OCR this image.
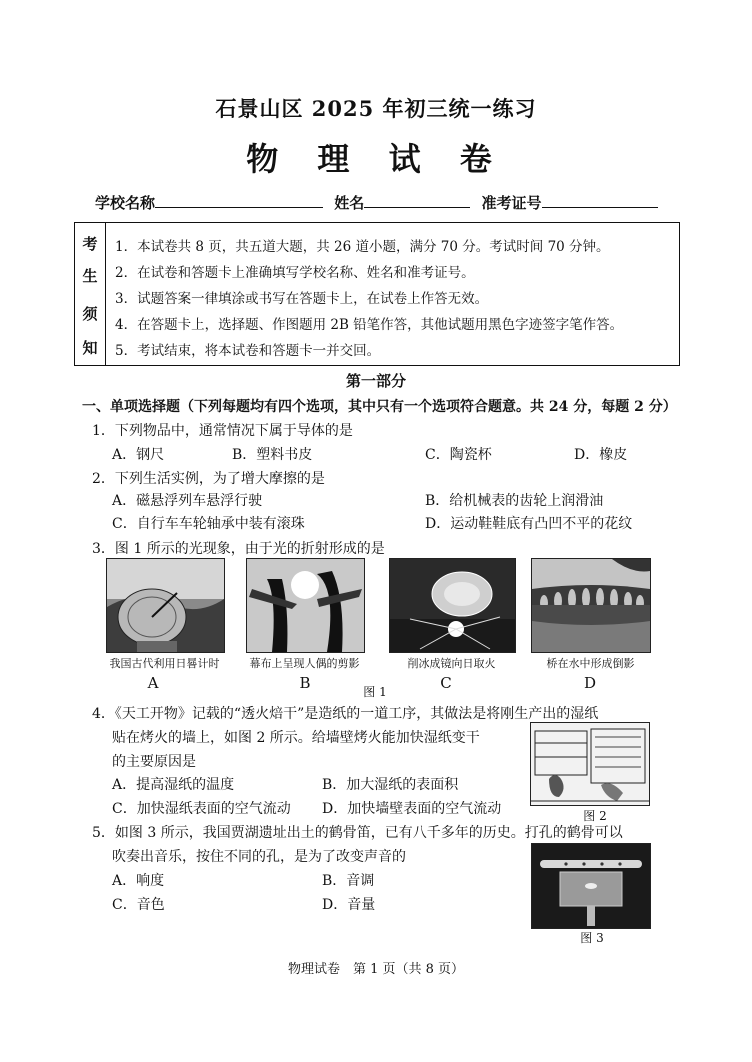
石景山区 2025 年初三统一练习
物 理 试 卷
学校名称	姓名	准考证号
考
生
须
知
1．本试卷共 8 页，共五道大题，共 26 道小题，满分 70 分。考试时间 70 分钟。
2．在试卷和答题卡上准确填写学校名称、姓名和准考证号。
3．试题答案一律填涂或书写在答题卡上，在试卷上作答无效。
4．在答题卡上，选择题、作图题用 2B 铅笔作答，其他试题用黑色字迹签字笔作答。
5．考试结束，将本试卷和答题卡一并交回。
第一部分
一、单项选择题（下列每题均有四个选项，其中只有一个选项符合题意。共 24 分，每题 2 分）
1．下列物品中，通常情况下属于导体的是
A．钢尺	B．塑料书皮	C．陶瓷杯	D．橡皮
2．下列生活实例，为了增大摩擦的是
A．磁悬浮列车悬浮行驶	B．给机械表的齿轮上润滑油
C．自行车车轮轴承中装有滚珠	D．运动鞋鞋底有凸凹不平的花纹
3．图 1 所示的光现象，由于光的折射形成的是
我国古代利用日晷计时	幕布上呈现人偶的剪影	削冰成镜向日取火	桥在水中形成倒影
A	B	C	D
图 1
4．《天工开物》记载的“透火焙干”是造纸的一道工序，其做法是将刚生产出的湿纸
贴在烤火的墙上，如图 2 所示。给墙壁烤火能加快湿纸变干
的主要原因是
A．提高湿纸的温度	B．加大湿纸的表面积
C．加快湿纸表面的空气流动 D．加快墙壁表面的空气流动	图 2
5．如图 3 所示，我国贾湖遗址出土的鹤骨笛，已有八千多年的历史。打孔的鹤骨可以
吹奏出音乐，按住不同的孔，是为了改变声音的
A．响度	B．音调
C．音色	D．音量
图 3
物理试卷　第 1 页（共 8 页）
